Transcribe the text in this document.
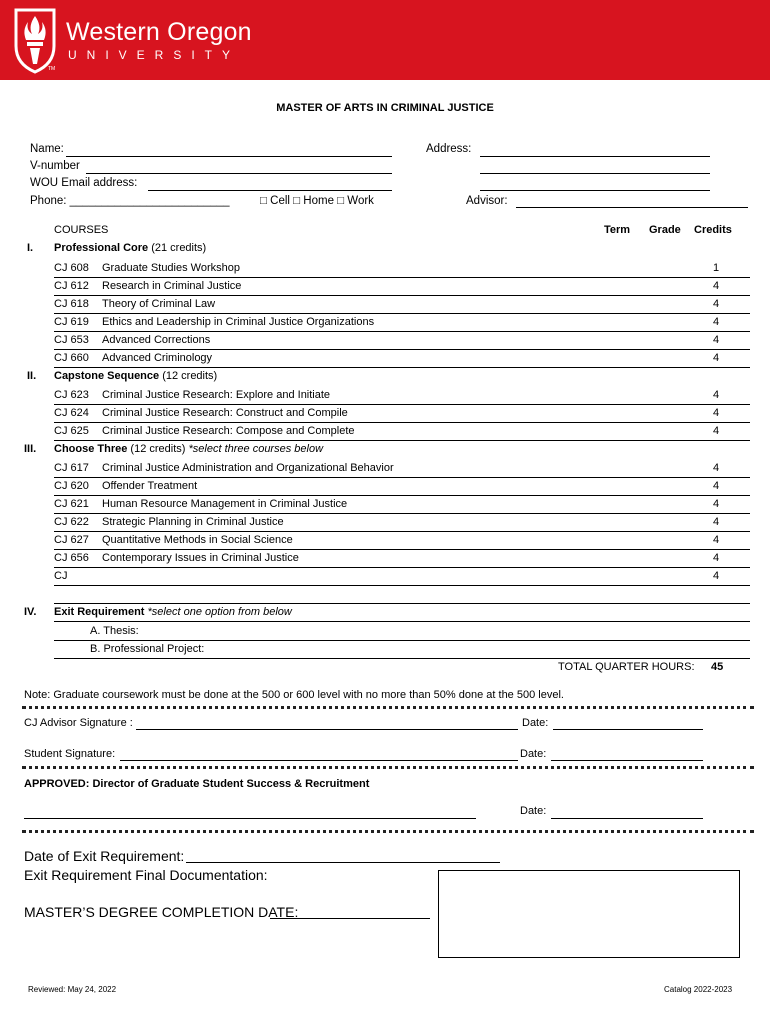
Western Oregon
UNIVERSITY
TM
MASTER OF ARTS IN CRIMINAL JUSTICE
Name:
V-number
WOU Email address:
Phone: _________________________	□ Cell □ Home □ Work
Address:
Advisor:
COURSES	Term Grade Credits
I. Professional Core (21 credits)
CJ 608 Graduate Studies Workshop	1
CJ 612 Research in Criminal Justice	4
CJ 618 Theory of Criminal Law	4
CJ 619 Ethics and Leadership in Criminal Justice Organizations	4
CJ 653 Advanced Corrections	4
CJ 660 Advanced Criminology	4
II. Capstone Sequence (12 credits)
CJ 623 Criminal Justice Research: Explore and Initiate	4
CJ 624 Criminal Justice Research: Construct and Compile	4
CJ 625 Criminal Justice Research: Compose and Complete	4
III. Choose Three (12 credits) *select three courses below
CJ 617 Criminal Justice Administration and Organizational Behavior	4
CJ 620 Offender Treatment	4
CJ 621 Human Resource Management in Criminal Justice	4
CJ 622 Strategic Planning in Criminal Justice	4
CJ 627 Quantitative Methods in Social Science	4
CJ 656 Contemporary Issues in Criminal Justice	4
CJ	4
IV. Exit Requirement *select one option from below
A. Thesis:
B. Professional Project:
TOTAL QUARTER HOURS: 45
Note: Graduate coursework must be done at the 500 or 600 level with no more than 50% done at the 500 level.
CJ Advisor Signature :	Date:
Student Signature:	Date:
APPROVED: Director of Graduate Student Success & Recruitment
Date:
Date of Exit Requirement:
Exit Requirement Final Documentation:
MASTER’S DEGREE COMPLETION DATE:
Reviewed: May 24, 2022	Catalog 2022-2023
